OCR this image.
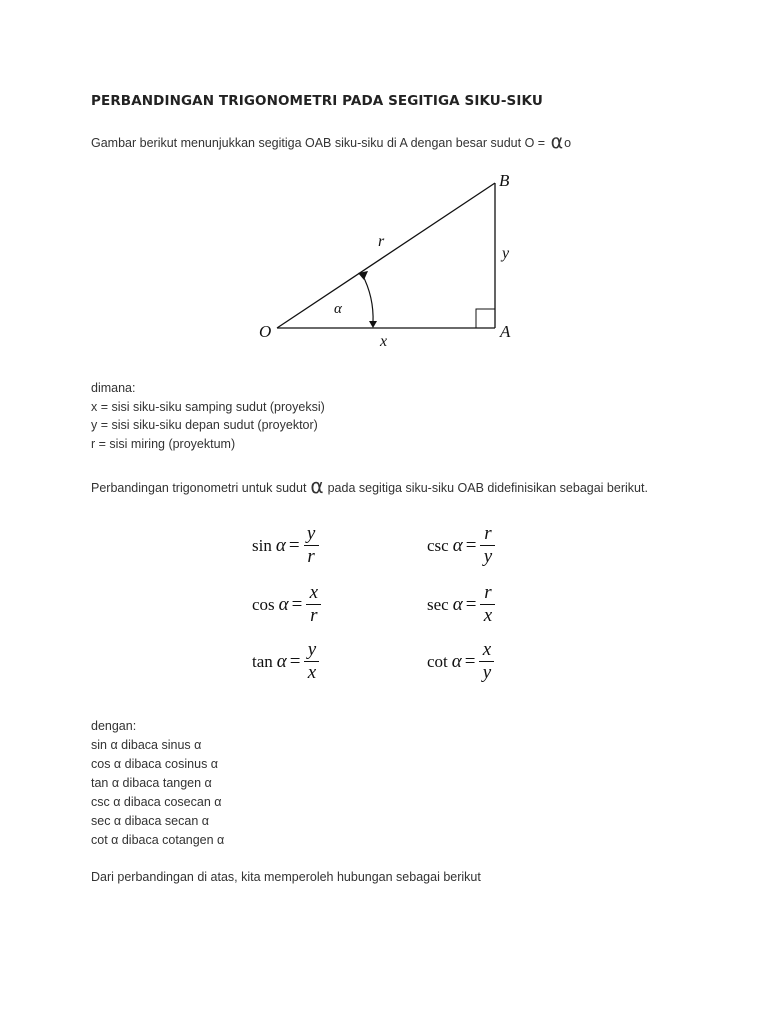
PERBANDINGAN TRIGONOMETRI PADA SEGITIGA SIKU-SIKU
Gambar berikut menunjukkan segitiga OAB siku-siku di A dengan besar sudut O = αo
B
O	A
r
y
x
α
dimana:
x = sisi siku-siku samping sudut (proyeksi)
y = sisi siku-siku depan sudut (proyektor)
r = sisi miring (proyektum)
Perbandingan trigonometri untuk sudut α pada segitiga siku-siku OAB didefinisikan sebagai berikut.
$\sin \alpha = \frac{y}{r}$	$\csc \alpha = \frac{r}{y}$
$\cos \alpha = \frac{x}{r}$	$\sec \alpha = \frac{r}{x}$
$\tan \alpha = \frac{y}{x}$	$\cot \alpha = \frac{x}{y}$
dengan:
sin α dibaca sinus α
cos α dibaca cosinus α
tan α dibaca tangen α
csc α dibaca cosecan α
sec α dibaca secan α
cot α dibaca cotangen α
Dari perbandingan di atas, kita memperoleh hubungan sebagai berikut
